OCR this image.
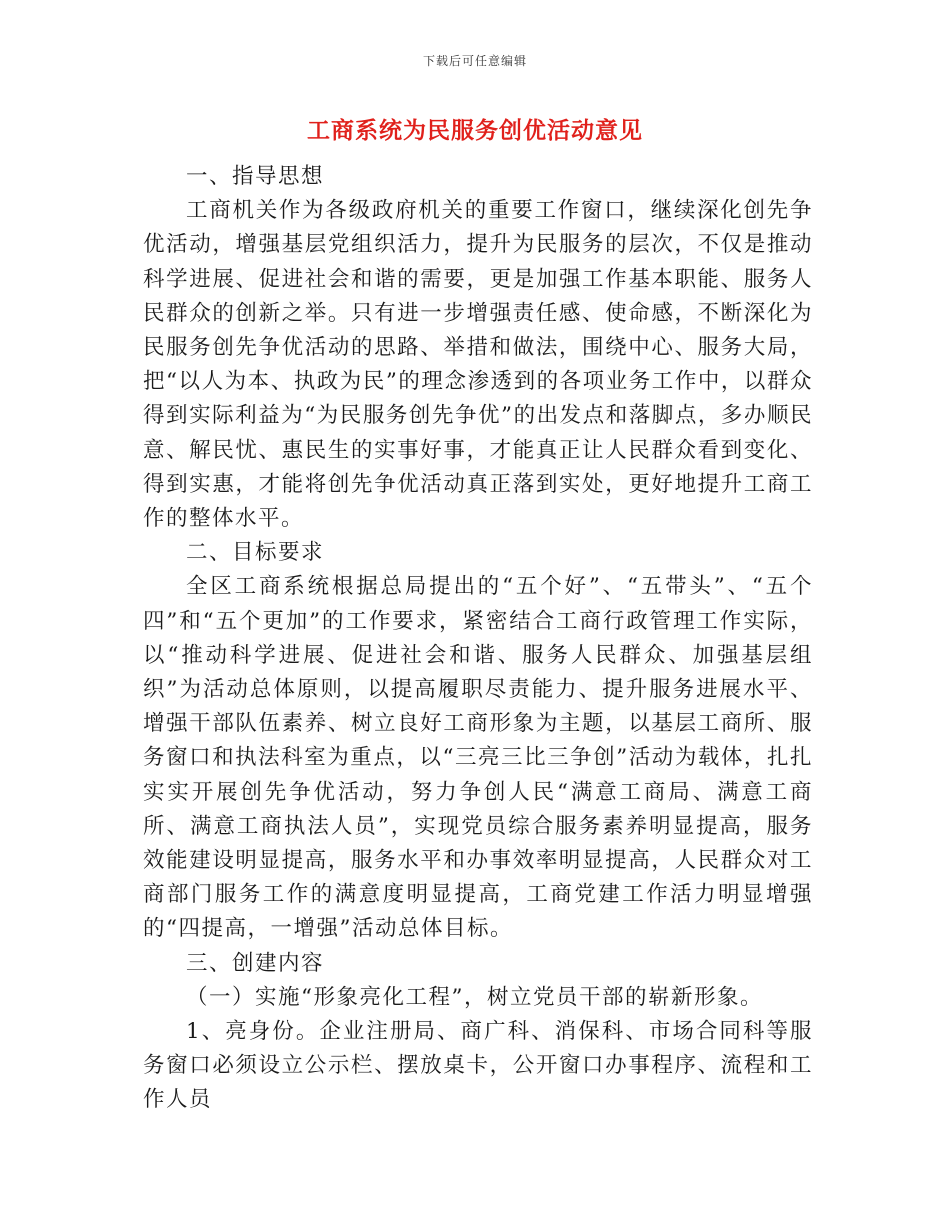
下载后可任意编辑
工商系统为民服务创优活动意见

一、指导思想

工商机关作为各级政府机关的重要工作窗口，继续深化创先争优活动，增强基层党组织活力，提升为民服务的层次，不仅是推动科学进展、促进社会和谐的需要，更是加强工作基本职能、服务人民群众的创新之举。只有进一步增强责任感、使命感，不断深化为民服务创先争优活动的思路、举措和做法，围绕中心、服务大局，把“以人为本、执政为民”的理念渗透到的各项业务工作中，以群众得到实际利益为“为民服务创先争优”的出发点和落脚点，多办顺民意、解民忧、惠民生的实事好事，才能真正让人民群众看到变化、得到实惠，才能将创先争优活动真正落到实处，更好地提升工商工作的整体水平。

二、目标要求

全区工商系统根据总局提出的“五个好”、“五带头”、“五个四”和“五个更加”的工作要求，紧密结合工商行政管理工作实际，以“推动科学进展、促进社会和谐、服务人民群众、加强基层组织”为活动总体原则，以提高履职尽责能力、提升服务进展水平、增强干部队伍素养、树立良好工商形象为主题，以基层工商所、服务窗口和执法科室为重点，以“三亮三比三争创”活动为载体，扎扎实实开展创先争优活动，努力争创人民“满意工商局、满意工商所、满意工商执法人员”，实现党员综合服务素养明显提高，服务效能建设明显提高，服务水平和办事效率明显提高，人民群众对工商部门服务工作的满意度明显提高，工商党建工作活力明显增强的“四提高，一增强”活动总体目标。

三、创建内容

（一）实施“形象亮化工程”，树立党员干部的崭新形象。

1、亮身份。企业注册局、商广科、消保科、市场合同科等服务窗口必须设立公示栏、摆放桌卡，公开窗口办事程序、流程和工作人员
